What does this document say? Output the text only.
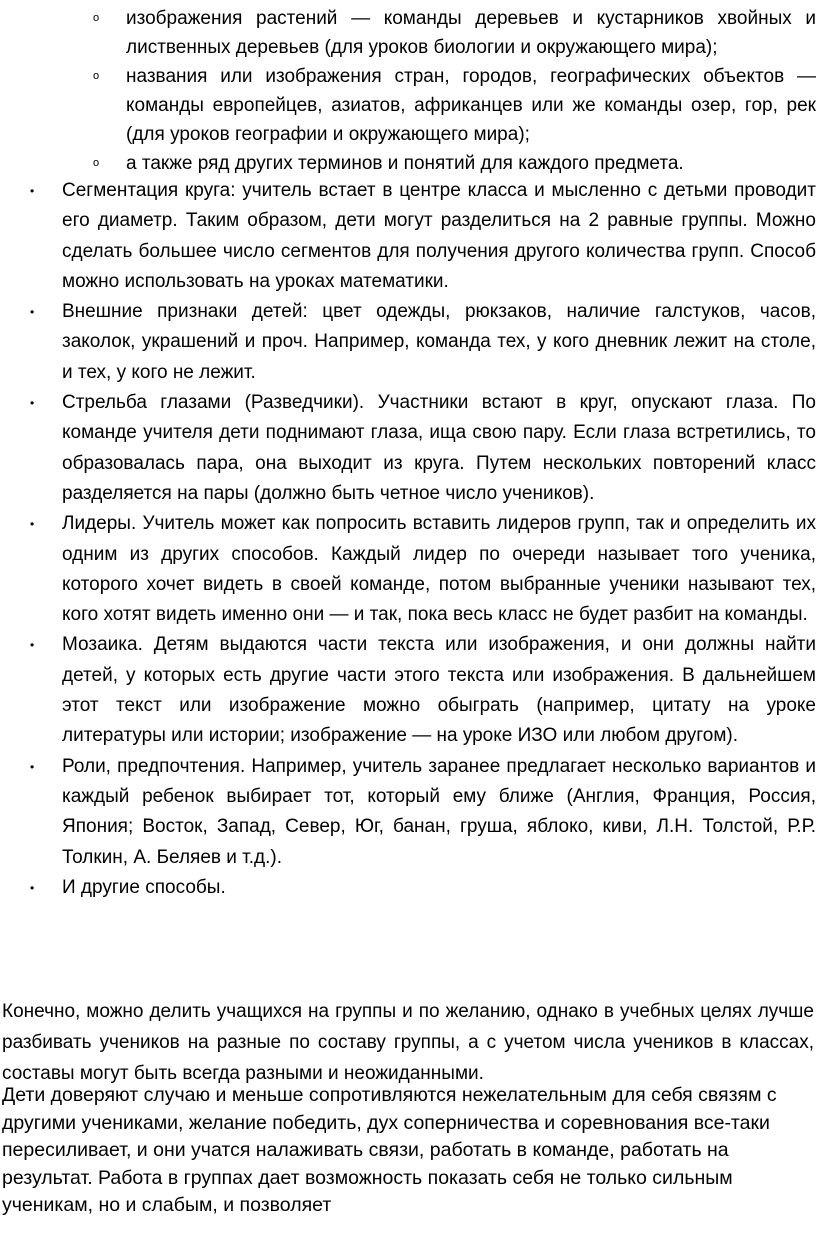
o изображения растений — команды деревьев и кустарников хвойных и лиственных деревьев (для уроков биологии и окружающего мира);
o названия или изображения стран, городов, географических объектов — команды европейцев, азиатов, африканцев или же команды озер, гор, рек (для уроков географии и окружающего мира);
o а также ряд других терминов и понятий для каждого предмета.
• Сегментация круга: учитель встает в центре класса и мысленно с детьми проводит его диаметр. Таким образом, дети могут разделиться на 2 равные группы. Можно сделать большее число сегментов для получения другого количества групп. Способ можно использовать на уроках математики.
• Внешние признаки детей: цвет одежды, рюкзаков, наличие галстуков, часов, заколок, украшений и проч. Например, команда тех, у кого дневник лежит на столе, и тех, у кого не лежит.
• Стрельба глазами (Разведчики). Участники встают в круг, опускают глаза. По команде учителя дети поднимают глаза, ища свою пару. Если глаза встретились, то образовалась пара, она выходит из круга. Путем нескольких повторений класс разделяется на пары (должно быть четное число учеников).
• Лидеры. Учитель может как попросить вставить лидеров групп, так и определить их одним из других способов. Каждый лидер по очереди называет того ученика, которого хочет видеть в своей команде, потом выбранные ученики называют тех, кого хотят видеть именно они — и так, пока весь класс не будет разбит на команды.
• Мозаика. Детям выдаются части текста или изображения, и они должны найти детей, у которых есть другие части этого текста или изображения. В дальнейшем этот текст или изображение можно обыграть (например, цитату на уроке литературы или истории; изображение — на уроке ИЗО или любом другом).
• Роли, предпочтения. Например, учитель заранее предлагает несколько вариантов и каждый ребенок выбирает тот, который ему ближе (Англия, Франция, Россия, Япония; Восток, Запад, Север, Юг, банан, груша, яблоко, киви, Л.Н. Толстой, Р.Р. Толкин, А. Беляев и т.д.).
• И другие способы.

Конечно, можно делить учащихся на группы и по желанию, однако в учебных целях лучше разбивать учеников на разные по составу группы, а с учетом числа учеников в классах, составы могут быть всегда разными и неожиданными.

Дети доверяют случаю и меньше сопротивляются нежелательным для себя связям с другими учениками, желание победить, дух соперничества и соревнования все-таки пересиливает, и они учатся налаживать связи, работать в команде, работать на результат. Работа в группах дает возможность показать себя не только сильным ученикам, но и слабым, и позволяет
